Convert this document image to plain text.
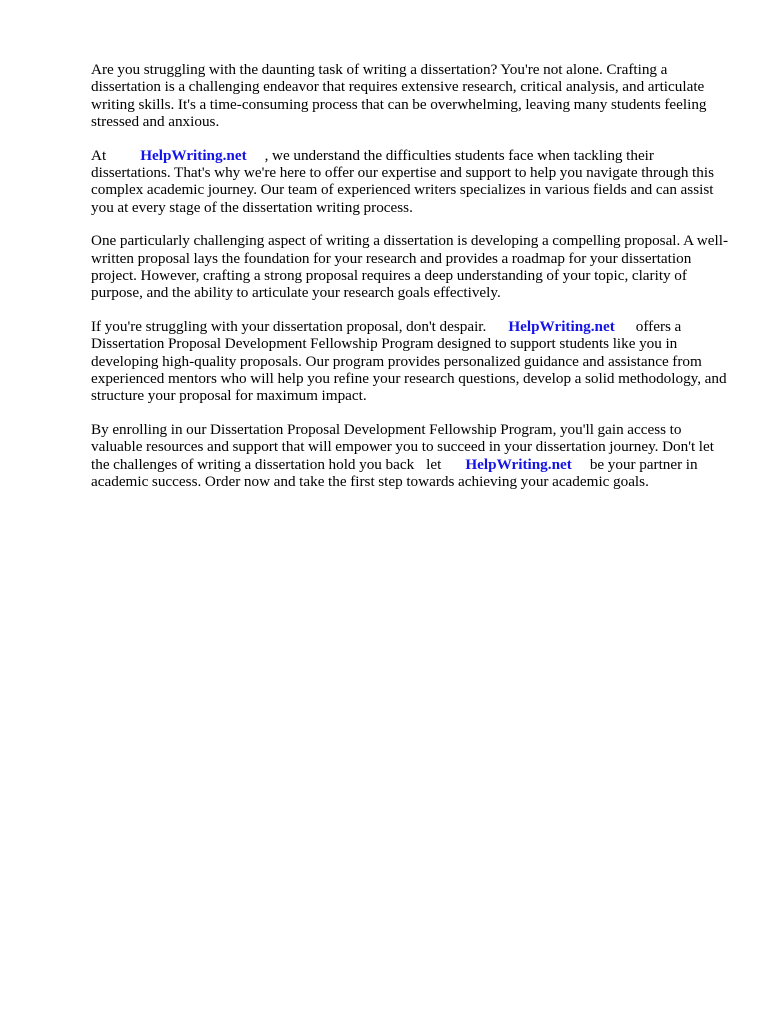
Are you struggling with the daunting task of writing a dissertation? You're not alone. Crafting a dissertation is a challenging endeavor that requires extensive research, critical analysis, and articulate writing skills. It's a time-consuming process that can be overwhelming, leaving many students feeling stressed and anxious.

At HelpWriting.net , we understand the difficulties students face when tackling their dissertations. That's why we're here to offer our expertise and support to help you navigate through this complex academic journey. Our team of experienced writers specializes in various fields and can assist you at every stage of the dissertation writing process.

One particularly challenging aspect of writing a dissertation is developing a compelling proposal. A well-written proposal lays the foundation for your research and provides a roadmap for your dissertation project. However, crafting a strong proposal requires a deep understanding of your topic, clarity of purpose, and the ability to articulate your research goals effectively.

If you're struggling with your dissertation proposal, don't despair. HelpWriting.net offers a Dissertation Proposal Development Fellowship Program designed to support students like you in developing high-quality proposals. Our program provides personalized guidance and assistance from experienced mentors who will help you refine your research questions, develop a solid methodology, and structure your proposal for maximum impact.

By enrolling in our Dissertation Proposal Development Fellowship Program, you'll gain access to valuable resources and support that will empower you to succeed in your dissertation journey. Don't let the challenges of writing a dissertation hold you back let HelpWriting.net be your partner in academic success. Order now and take the first step towards achieving your academic goals.
